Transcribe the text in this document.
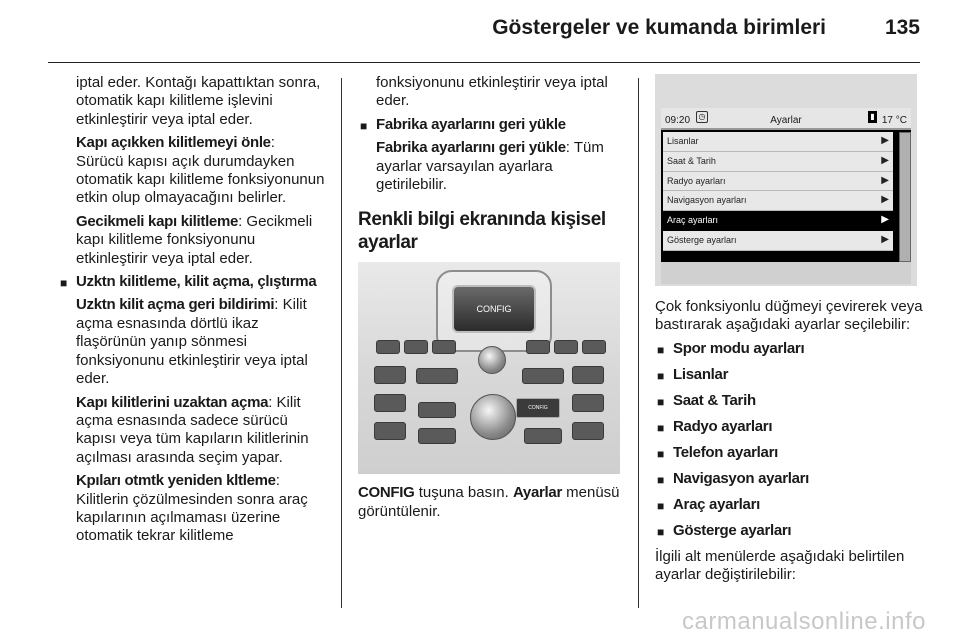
Göstergeler ve kumanda birimleri	135

iptal eder. Kontağı kapattıktan sonra, otomatik kapı kilitleme işlevini etkinleştirir veya iptal eder.

Kapı açıkken kilitlemeyi önle: Sürücü kapısı açık durumdayken otomatik kapı kilitleme fonksiyonunun etkin olup olmayacağını belirler.

Gecikmeli kapı kilitleme: Gecikmeli kapı kilitleme fonksiyonunu etkinleştirir veya iptal eder.

■ Uzktn kilitleme, kilit açma, çlıştırma

Uzktn kilit açma geri bildirimi: Kilit açma esnasında dörtlü ikaz flaşörünün yanıp sönmesi fonksiyonunu etkinleştirir veya iptal eder.

Kapı kilitlerini uzaktan açma: Kilit açma esnasında sadece sürücü kapısı veya tüm kapıların kilitlerinin açılması arasında seçim yapar.

Kpıları otmtk yeniden kltleme: Kilitlerin çözülmesinden sonra araç kapılarının açılmaması üzerine otomatik tekrar kilitleme

fonksiyonunu etkinleştirir veya iptal eder.

■ Fabrika ayarlarını geri yükle

Fabrika ayarlarını geri yükle: Tüm ayarlar varsayılan ayarlara getirilebilir.

Renkli bilgi ekranında kişisel ayarlar
CONFIG
CONFIG

CONFIG tuşuna basın. Ayarlar menüsü görüntülenir.

09:20	◷	Ayarlar	▮ 17 °C
Lisanlar	▶
Saat & Tarih	▶
Radyo ayarları	▶
Navigasyon ayarları	▶
Araç ayarları	▶
Gösterge ayarları	▶

Çok fonksiyonlu düğmeyi çevirerek veya bastırarak aşağıdaki ayarlar seçilebilir:

■ Spor modu ayarları

■ Lisanlar

■ Saat & Tarih

■ Radyo ayarları

■ Telefon ayarları

■ Navigasyon ayarları

■ Araç ayarları

■ Gösterge ayarları

İlgili alt menülerde aşağıdaki belirtilen ayarlar değiştirilebilir:

carmanualsonline.info
